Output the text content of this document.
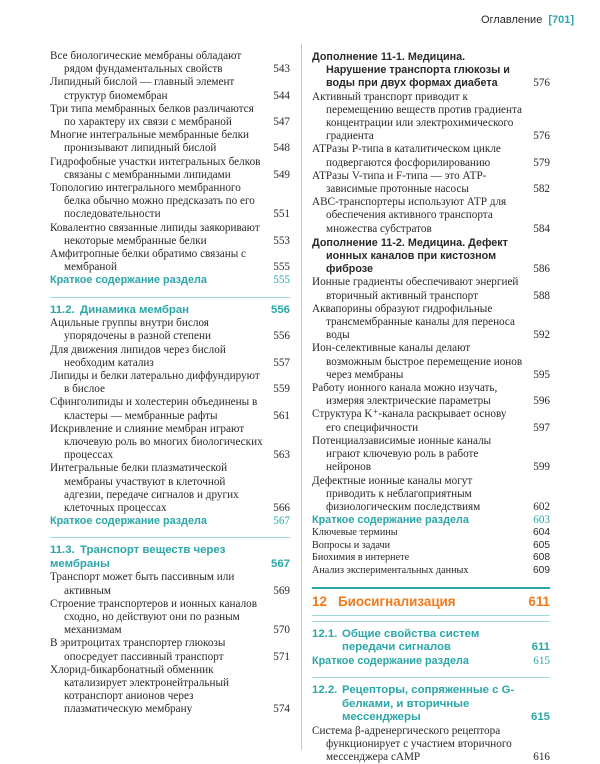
Оглавление [701]
Все биологические мембраны обладают рядом фундаментальных свойств	543
Липидный бислой — главный элемент структур биомембран	544
Три типа мембранных белков различаются по характеру их связи с мембраной	547
Многие интегральные мембранные белки пронизывают липидный бислой	548
Гидрофобные участки интегральных белков связаны с мембранными липидами	549
Топологию интегрального мембранного белка обычно можно предсказать по его последовательности	551
Ковалентно связанные липиды заякоривают некоторые мембранные белки	553
Амфитропные белки обратимо связаны с мембраной	555
Краткое содержание раздела	555
11.2. Динамика мембран	556
Ацильные группы внутри бислоя упорядочены в разной степени	556
Для движения липидов через бислой необходим катализ	557
Липиды и белки латерально диффундируют в бислое	559
Сфинголипиды и холестерин объединены в кластеры — мембранные рафты	561
Искривление и слияние мембран играют ключевую роль во многих биологических процессах	563
Интегральные белки плазматической мембраны участвуют в клеточной адгезии, передаче сигналов и других клеточных процессах	566
Краткое содержание раздела	567
11.3. Транспорт веществ через мембраны	567
Транспорт может быть пассивным или активным	569
Строение транспортеров и ионных каналов сходно, но действуют они по разным механизмам	570
В эритроцитах транспортер глюкозы опосредует пассивный транспорт	571
Хлорид-бикарбонатный обменник катализирует электронейтральный котранспорт анионов через плазматическую мембрану	574
Дополнение 11-1. Медицина. Нарушение транспорта глюкозы и воды при двух формах диабета	576
Активный транспорт приводит к перемещению веществ против градиента концентрации или электрохимического градиента	576
АТРазы Р-типа в каталитическом цикле подвергаются фосфорилированию	579
АТРазы V-типа и F-типа — это АТР-зависимые протонные насосы	582
АВС-транспортеры используют АТР для обеспечения активного транспорта множества субстратов	584
Дополнение 11-2. Медицина. Дефект ионных каналов при кистозном фиброзе	586
Ионные градиенты обеспечивают энергией вторичный активный транспорт	588
Аквапорины образуют гидрофильные трансмембранные каналы для переноса воды	592
Ион-селективные каналы делают возможным быстрое перемещение ионов через мембраны	595
Работу ионного канала можно изучать, измеряя электрические параметры	596
Структура K⁺-канала раскрывает основу его специфичности	597
Потенциалзависимые ионные каналы играют ключевую роль в работе нейронов	599
Дефектные ионные каналы могут приводить к неблагоприятным физиологическим последствиям	602
Краткое содержание раздела	603
Ключевые термины	604
Вопросы и задачи	605
Биохимия в интернете	608
Анализ экспериментальных данных	609
12 Биосигнализация	611
12.1. Общие свойства систем передачи сигналов	611
Краткое содержание раздела	615
12.2. Рецепторы, сопряженные с G-белками, и вторичные мессенджеры	615
Система β-адренергического рецептора функционирует с участием вторичного мессенджера сАМР	616
